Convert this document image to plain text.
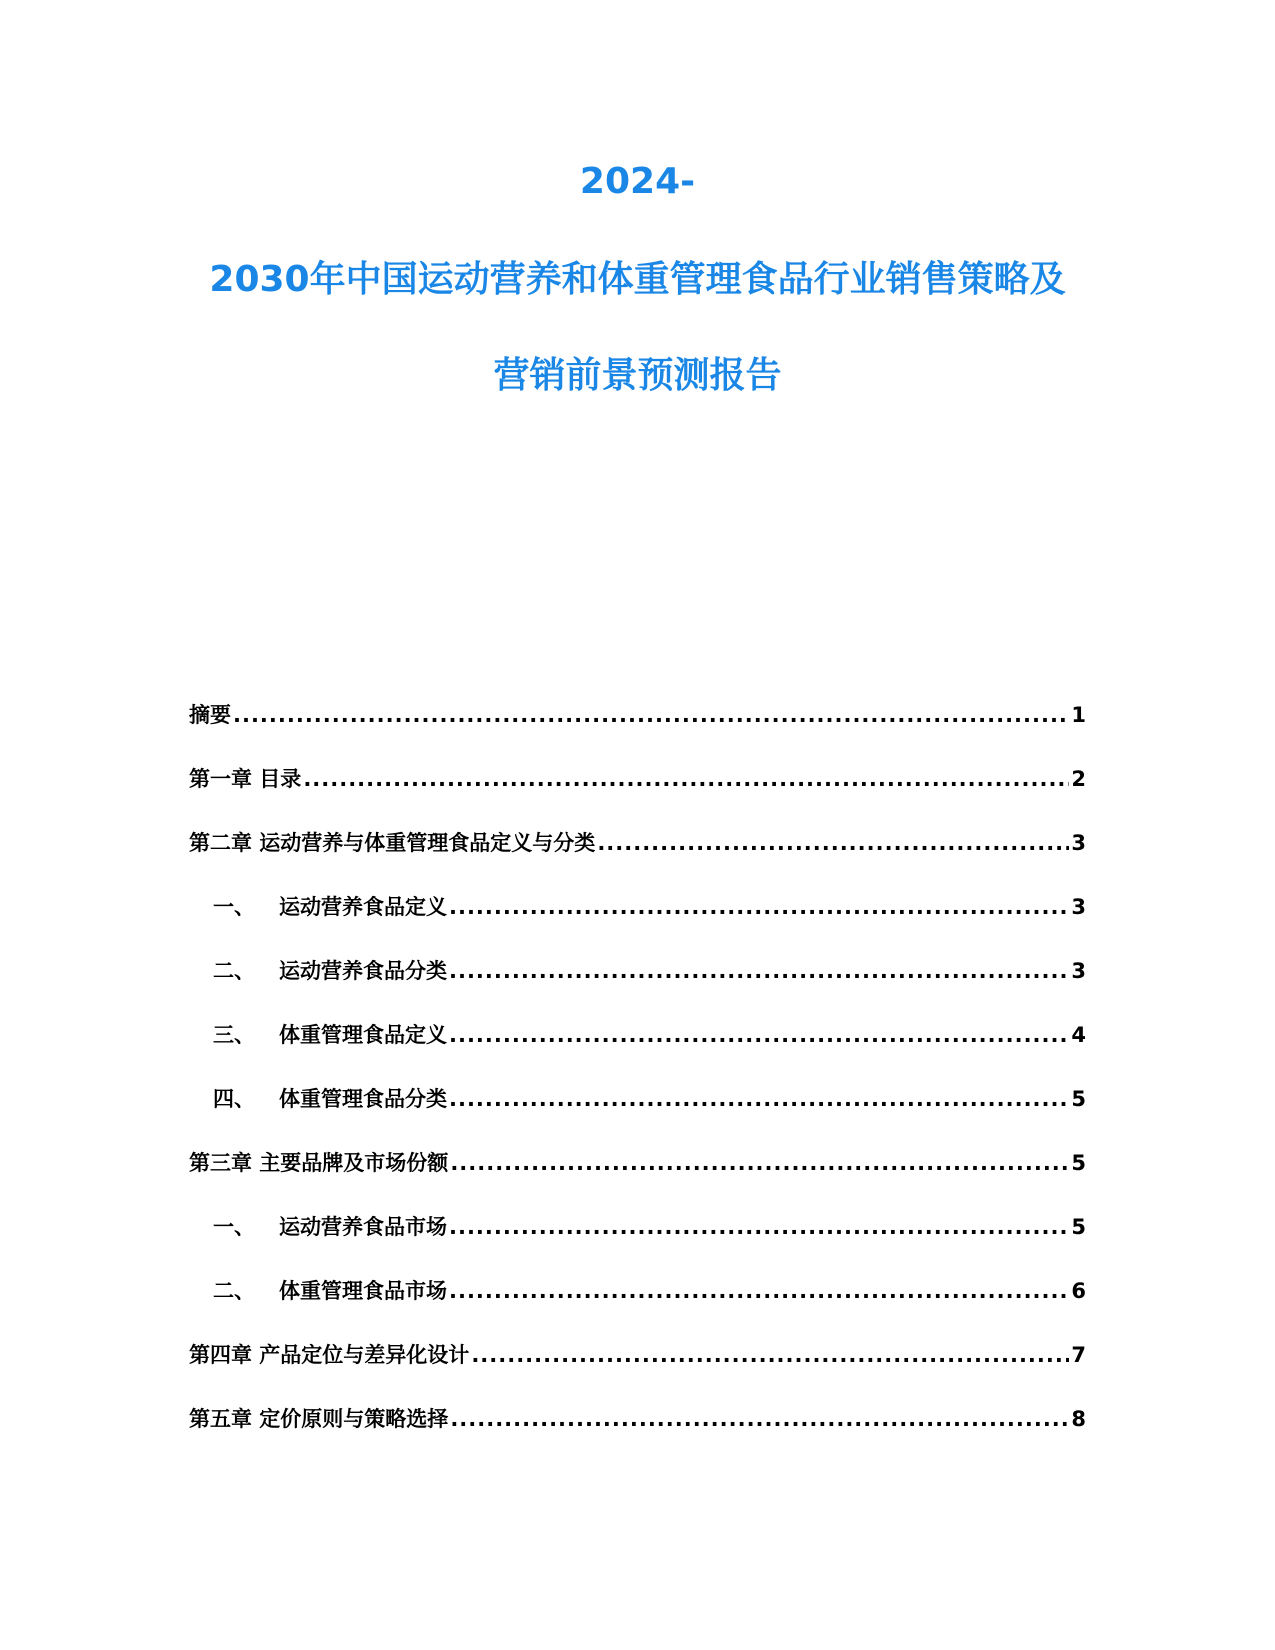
2024-
2030年中国运动营养和体重管理食品行业销售策略及
营销前景预测报告
摘要 .....	1
第一章 目录 .....	2
第二章 运动营养与体重管理食品定义与分类 .....	3
一、 运动营养食品定义 .....	3
二、 运动营养食品分类 .....	3
三、 体重管理食品定义 .....	4
四、 体重管理食品分类 .....	5
第三章 主要品牌及市场份额 .....	5
一、 运动营养食品市场 .....	5
二、 体重管理食品市场 .....	6
第四章 产品定位与差异化设计 .....	7
第五章 定价原则与策略选择 .....	8
